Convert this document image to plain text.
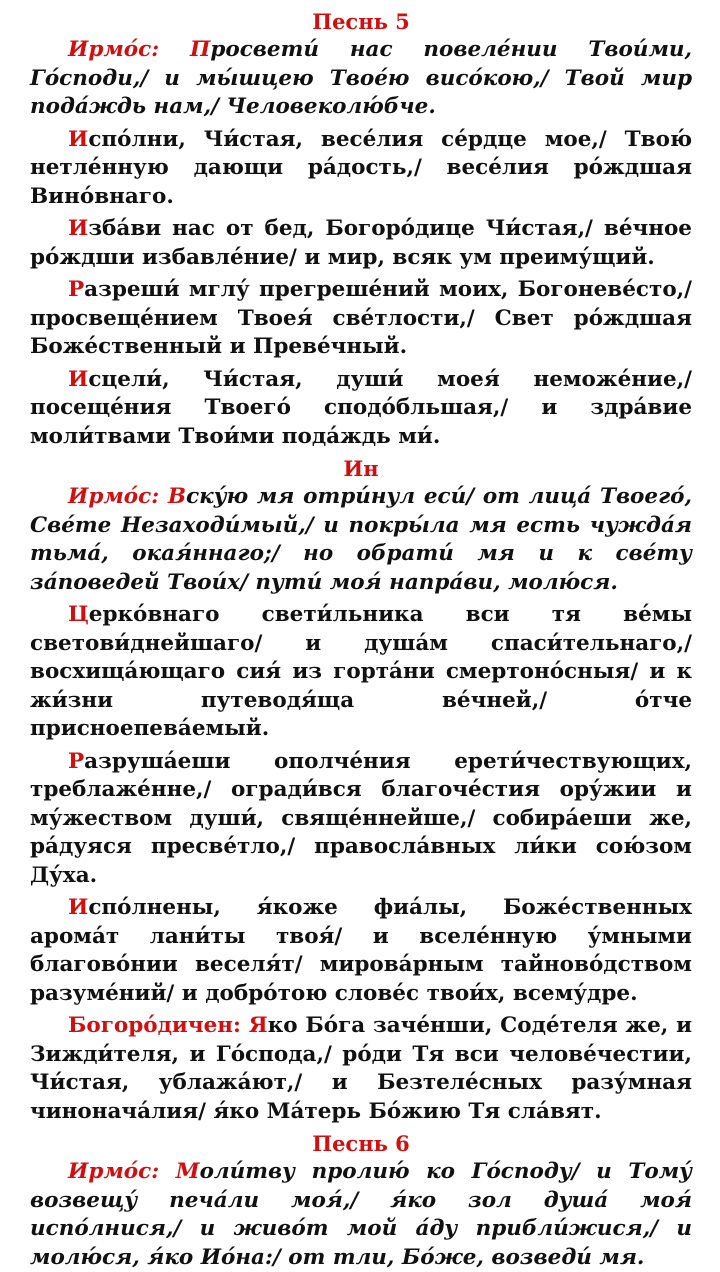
Песнь 5

Ирмо́с: Просвети́ нас повеле́нии Твои́ми, Го́споди,/ и мы́шцею Твое́ю висо́кою,/ Твой мир пода́ждь нам,/ Человеколю́бче.

Испо́лни, Чи́стая, весе́лия се́рдце мое,/ Твою́ нетле́нную дающи ра́дость,/ весе́лия ро́ждшая Вино́внаго.

Изба́ви нас от бед, Богоро́дице Чи́стая,/ ве́чное ро́ждши избавле́ние/ и мир, всяк ум преиму́щий.

Разреши́ мглу́ прегреше́ний моих, Богоневе́сто,/ просвеще́нием Твоея́ све́тлости,/ Свет ро́ждшая Боже́ственный и Преве́чный.

Исцели́, Чи́стая, души́ моея́ неможе́ние,/ посеще́ния Твоего́ сподо́бльшая,/ и здра́вие моли́твами Твои́ми пода́ждь ми́.

Ин

Ирмо́с: Вску́ю мя отри́нул еси́/ от лица́ Твоего́, Све́те Незаходи́мый,/ и покры́ла мя есть чужда́я тьма́, окая́ннаго;/ но обрати́ мя и к све́ту за́поведей Твои́х/ пути́ моя́ напра́ви, молю́ся.

Церко́внаго свети́льника вси тя ве́мы светови́днейшаго/ и душа́м спаси́тельнаго,/ восхища́ющаго сия́ из горта́ни смертоно́сныя/ и к жи́зни путеводя́ща ве́чней,/ о́тче присноепева́емый.

Разруша́еши ополче́ния ерети́чествующих, треблаже́нне,/ огради́вся благоче́стия ору́жии и му́жеством души́, свяще́ннейше,/ собира́еши же, ра́дуяся пресве́тло,/ правосла́вных ли́ки сою́зом Ду́ха.

Испо́лнены, я́коже фиа́лы, Боже́ственных арома́т лани́ты твоя́/ и вселе́нную у́мными благово́нии веселя́т/ мирова́рным тайново́дством разуме́ний/ и добро́тою слове́с твои́х, всему́дре.

Богоро́дичен: Яко Бо́га заче́нши, Соде́теля же, и Зижди́теля, и Го́спода,/ ро́ди Тя вси челове́честии, Чи́стая, ублажа́ют,/ и Безтеле́сных разу́мная чинонача́лия/ я́ко Ма́терь Бо́жию Тя сла́вят.

Песнь 6

Ирмо́с: Моли́тву пролию́ ко Го́споду/ и Тому́ возвещу́ печа́ли моя́,/ я́ко зол душа́ моя́ испо́лнися,/ и живо́т мой а́ду прибли́жися,/ и молю́ся, я́ко Ио́на:/ от тли, Бо́же, возведи́ мя.
